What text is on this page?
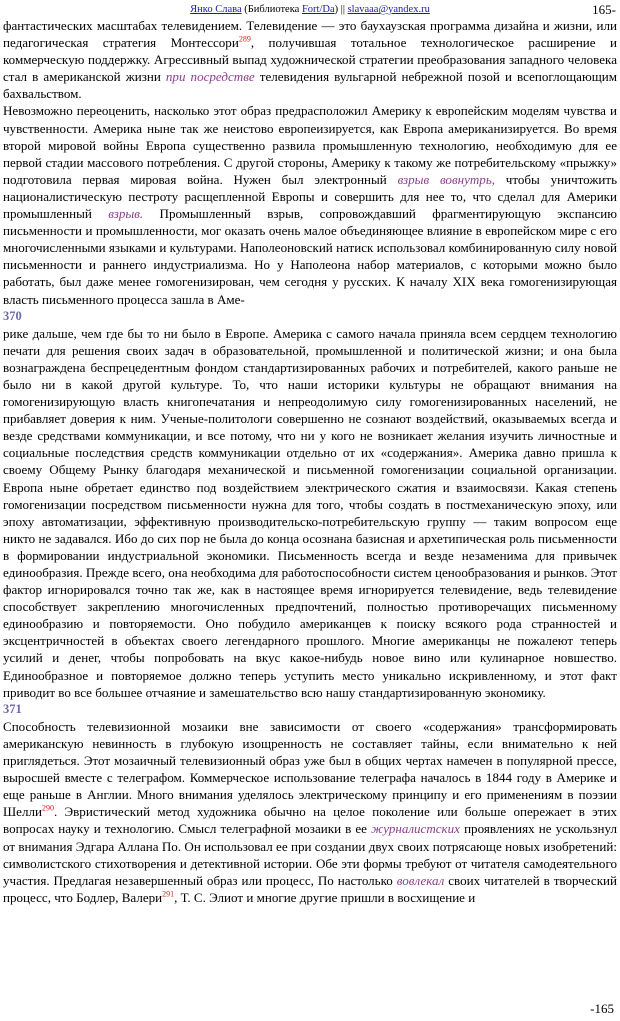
Янко Слава (Библиотека Fort/Da) || slavaaa@yandex.ru	165-

фантастических масштабах телевидением. Телевидение — это баухаузская программа дизайна и жизни, или педагогическая стратегия Монтессори$^{289}$, получившая тотальное технологическое расширение и коммерческую поддержку. Агрессивный выпад художнической стратегии преобразования западного человека стал в американской жизни при посредстве телевидения вульгарной небрежной позой и всепоглощающим бахвальством.

Невозможно переоценить, насколько этот образ предрасположил Америку к европейским моделям чувства и чувственности. Америка ныне так же неистово европеизируется, как Европа американизируется. Во время второй мировой войны Европа существенно развила промышленную технологию, необходимую для ее первой стадии массового потребления. С другой стороны, Америку к такому же потребительскому «прыжку» подготовила первая мировая война. Нужен был электронный взрыв вовнутрь, чтобы уничтожить националистическую пестроту расщепленной Европы и совершить для нее то, что сделал для Америки промышленный взрыв. Промышленный взрыв, сопровождавший фрагментирующую экспансию письменности и промышленности, мог оказать очень малое объединяющее влияние в европейском мире с его многочисленными языками и культурами. Наполеоновский натиск использовал комбинированную силу новой письменности и раннего индустриализма. Но у Наполеона набор материалов, с которыми можно было работать, был даже менее гомогенизирован, чем сегодня у русских. К началу XIX века гомогенизирующая власть письменного процесса зашла в Аме-

370

рике дальше, чем где бы то ни было в Европе. Америка с самого начала приняла всем сердцем технологию печати для решения своих задач в образовательной, промышленной и политической жизни; и она была вознаграждена беспрецедентным фондом стандартизированных рабочих и потребителей, какого раньше не было ни в какой другой культуре. То, что наши историки культуры не обращают внимания на гомогенизирующую власть книгопечатания и непреодолимую силу гомогенизированных населений, не прибавляет доверия к ним. Ученые-политологи совершенно не сознают воздействий, оказываемых всегда и везде средствами коммуникации, и все потому, что ни у кого не возникает желания изучить личностные и социальные последствия средств коммуникации отдельно от их «содержания». Америка давно пришла к своему Общему Рынку благодаря механической и письменной гомогенизации социальной организации. Европа ныне обретает единство под воздействием электрического сжатия и взаимосвязи. Какая степень гомогенизации посредством письменности нужна для того, чтобы создать в постмеханическую эпоху, или эпоху автоматизации, эффективную производительско-потребительскую группу — таким вопросом еще никто не задавался. Ибо до сих пор не была до конца осознана базисная и архетипическая роль письменности в формировании индустриальной экономики. Письменность всегда и везде незаменима для привычек единообразия. Прежде всего, она необходима для работоспособности систем ценообразования и рынков. Этот фактор игнорировался точно так же, как в настоящее время игнорируется телевидение, ведь телевидение способствует закреплению многочисленных предпочтений, полностью противоречащих письменному единообразию и повторяемости. Оно побудило американцев к поиску всякого рода странностей и эксцентричностей в объектах своего легендарного прошлого. Многие американцы не пожалеют теперь усилий и денег, чтобы попробовать на вкус какое-нибудь новое вино или кулинарное новшество. Единообразное и повторяемое должно теперь уступить место уникально искривленному, и этот факт приводит во все большее отчаяние и замешательство всю нашу стандартизированную экономику.

371

Способность телевизионной мозаики вне зависимости от своего «содержания» трансформировать американскую невинность в глубокую изощренность не составляет тайны, если внимательно к ней приглядеться. Этот мозаичный телевизионный образ уже был в общих чертах намечен в популярной прессе, выросшей вместе с телеграфом. Коммерческое использование телеграфа началось в 1844 году в Америке и еще раньше в Англии. Много внимания уделялось электрическому принципу и его применениям в поэзии Шелли$^{290}$. Эвристический метод художника обычно на целое поколение или больше опережает в этих вопросах науку и технологию. Смысл телеграфной мозаики в ее журналистских проявлениях не ускользнул от внимания Эдгара Аллана По. Он использовал ее при создании двух своих потрясающе новых изобретений: символистского стихотворения и детективной истории. Обе эти формы требуют от читателя самодеятельного участия. Предлагая незавершенный образ или процесс, По настолько вовлекал своих читателей в творческий процесс, что Бодлер, Валери$^{291}$, Т. С. Элиот и многие другие пришли в восхищение и

-165
